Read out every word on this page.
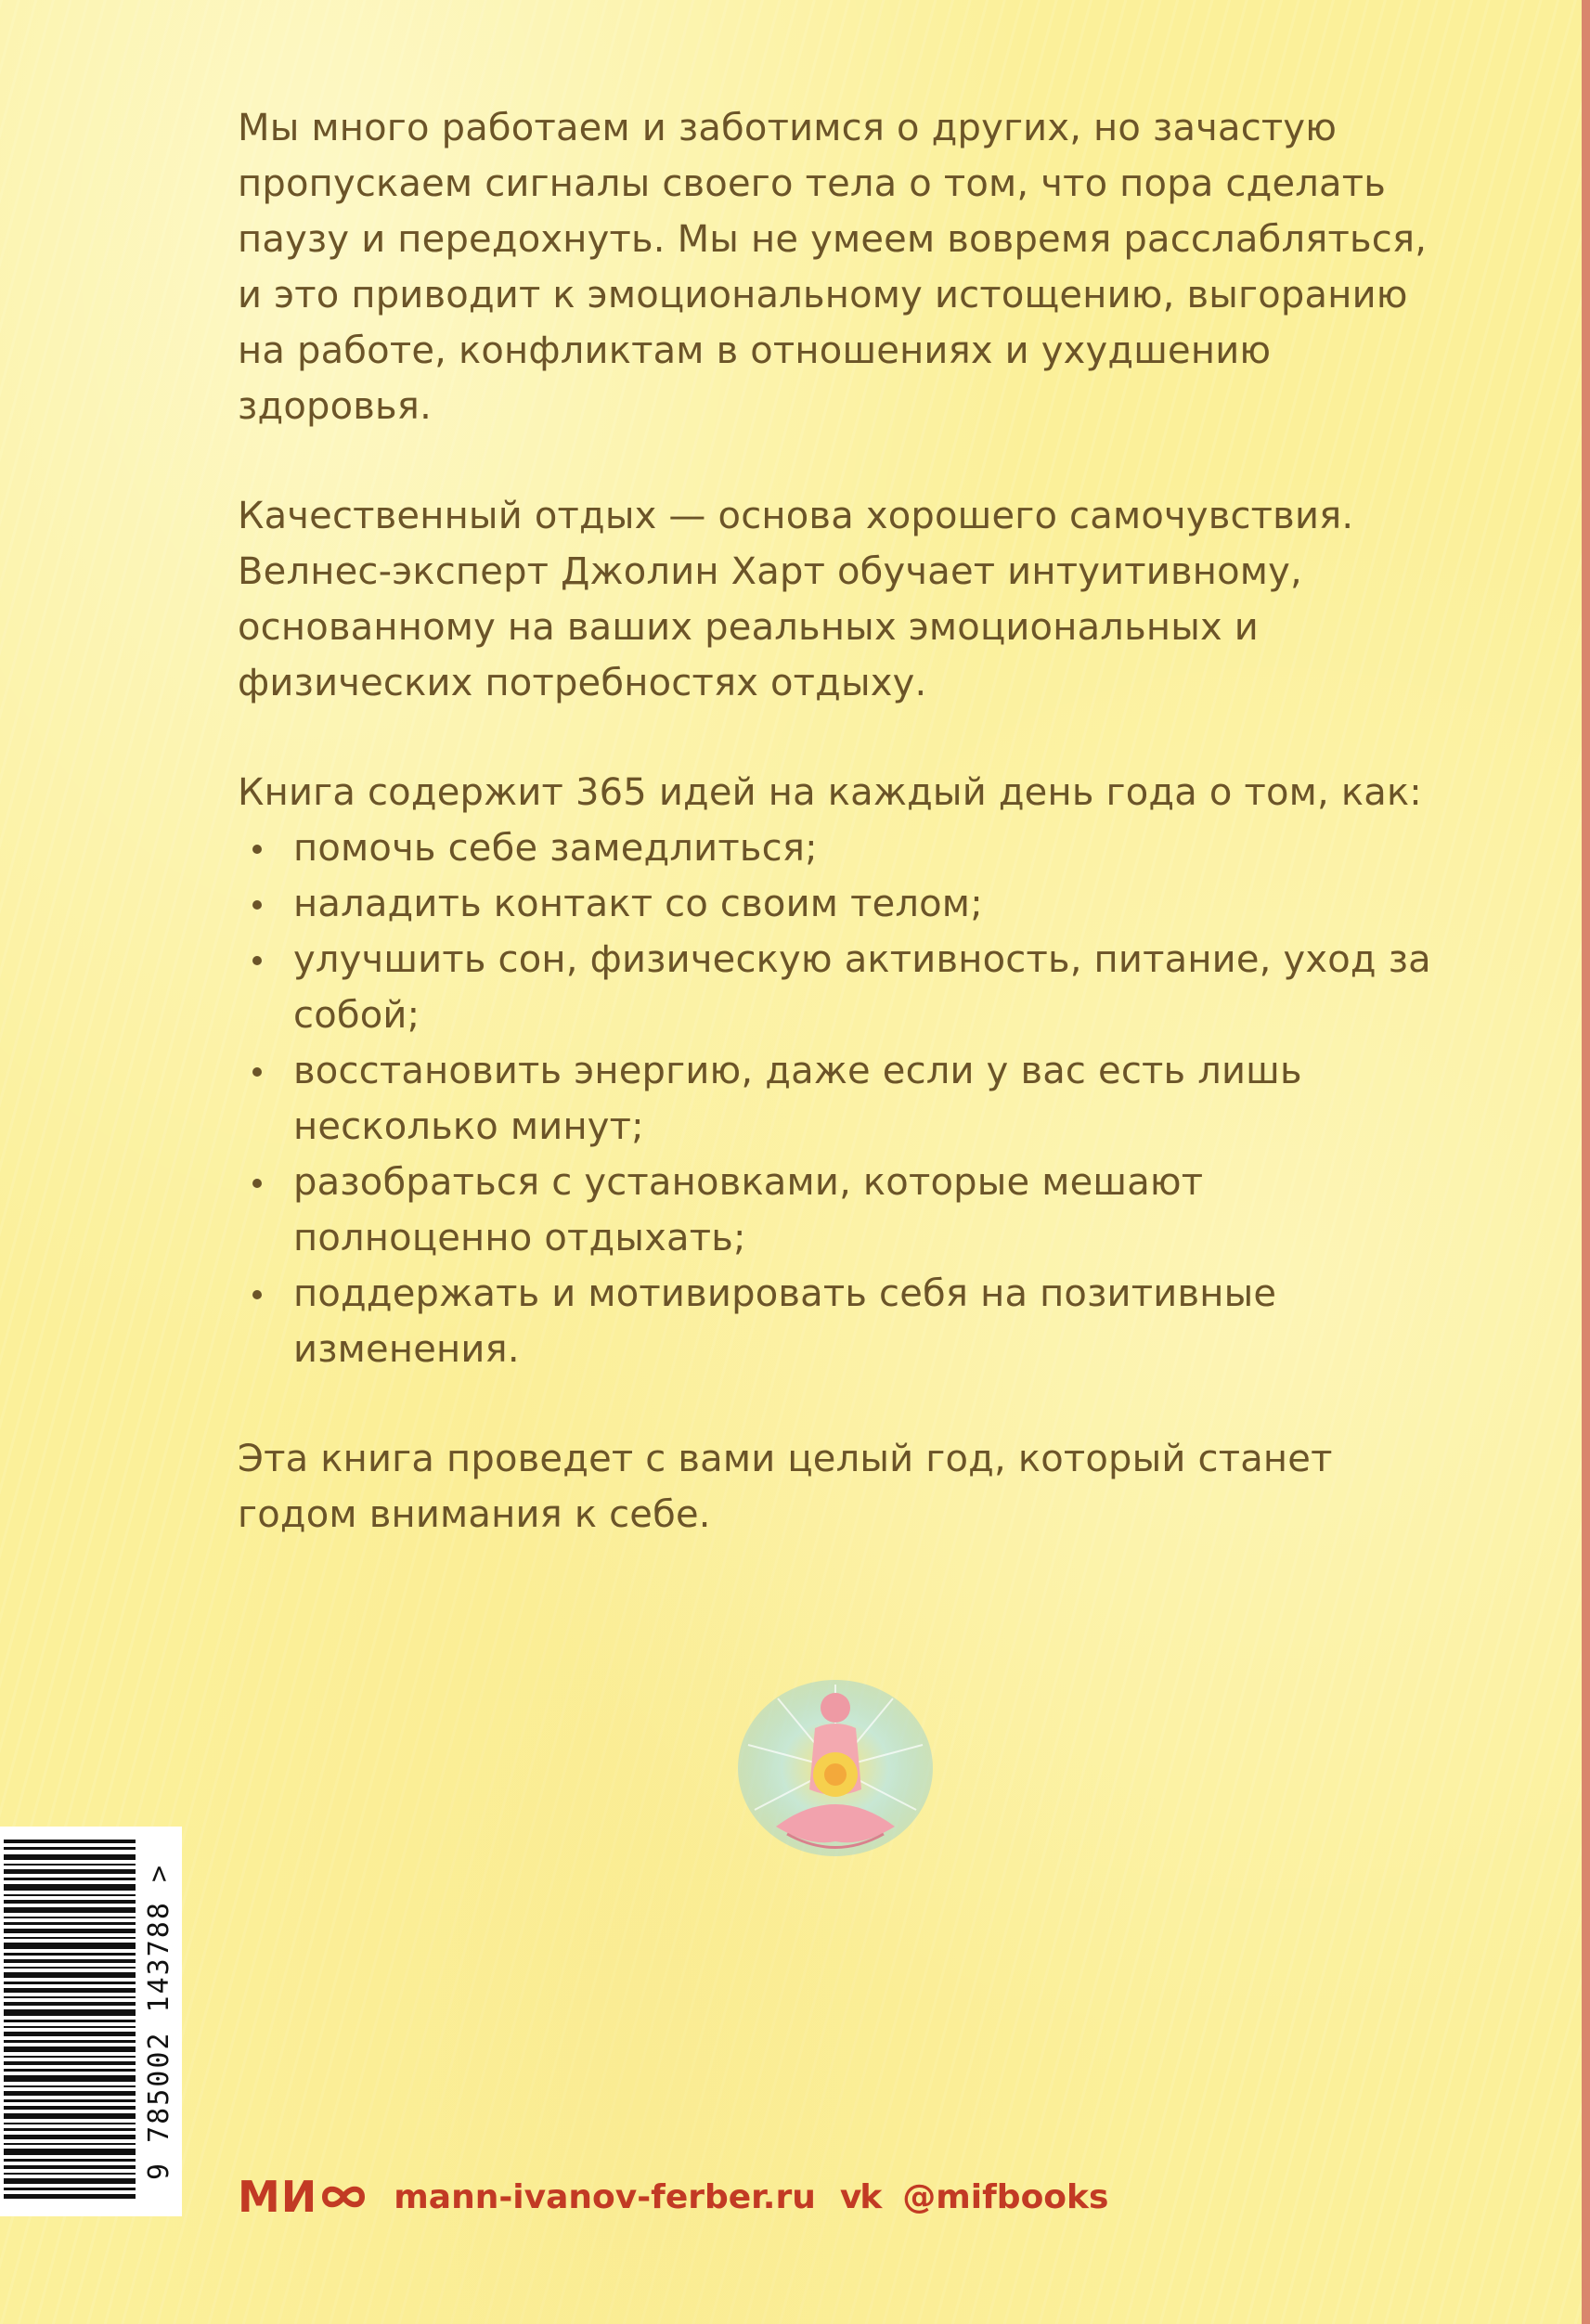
Мы много работаем и заботимся о других, но зачастую пропускаем сигналы своего тела о том, что пора сделать паузу и передохнуть. Мы не умеем вовремя расслабляться, и это приводит к эмоциональному истощению, выгоранию на работе, конфликтам в отношениях и ухудшению здоровья.

Качественный отдых — основа хорошего самочувствия. Велнес-эксперт Джолин Харт обучает интуитивному, основанному на ваших реальных эмоциональных и физических потребностях отдыху.

Книга содержит 365 идей на каждый день года о том, как:

помочь себе замедлиться;
наладить контакт со своим телом;
улучшить сон, физическую активность, питание, уход за собой;
восстановить энергию, даже если у вас есть лишь несколько минут;
разобраться с установками, которые мешают полноценно отдыхать;
поддержать и мотивировать себя на позитивные изменения.

Эта книга проведет с вами целый год, который станет годом внимания к себе.

9 785002 143788 >
МИ mann-ivanov-ferber.ru vk @mifbooks
